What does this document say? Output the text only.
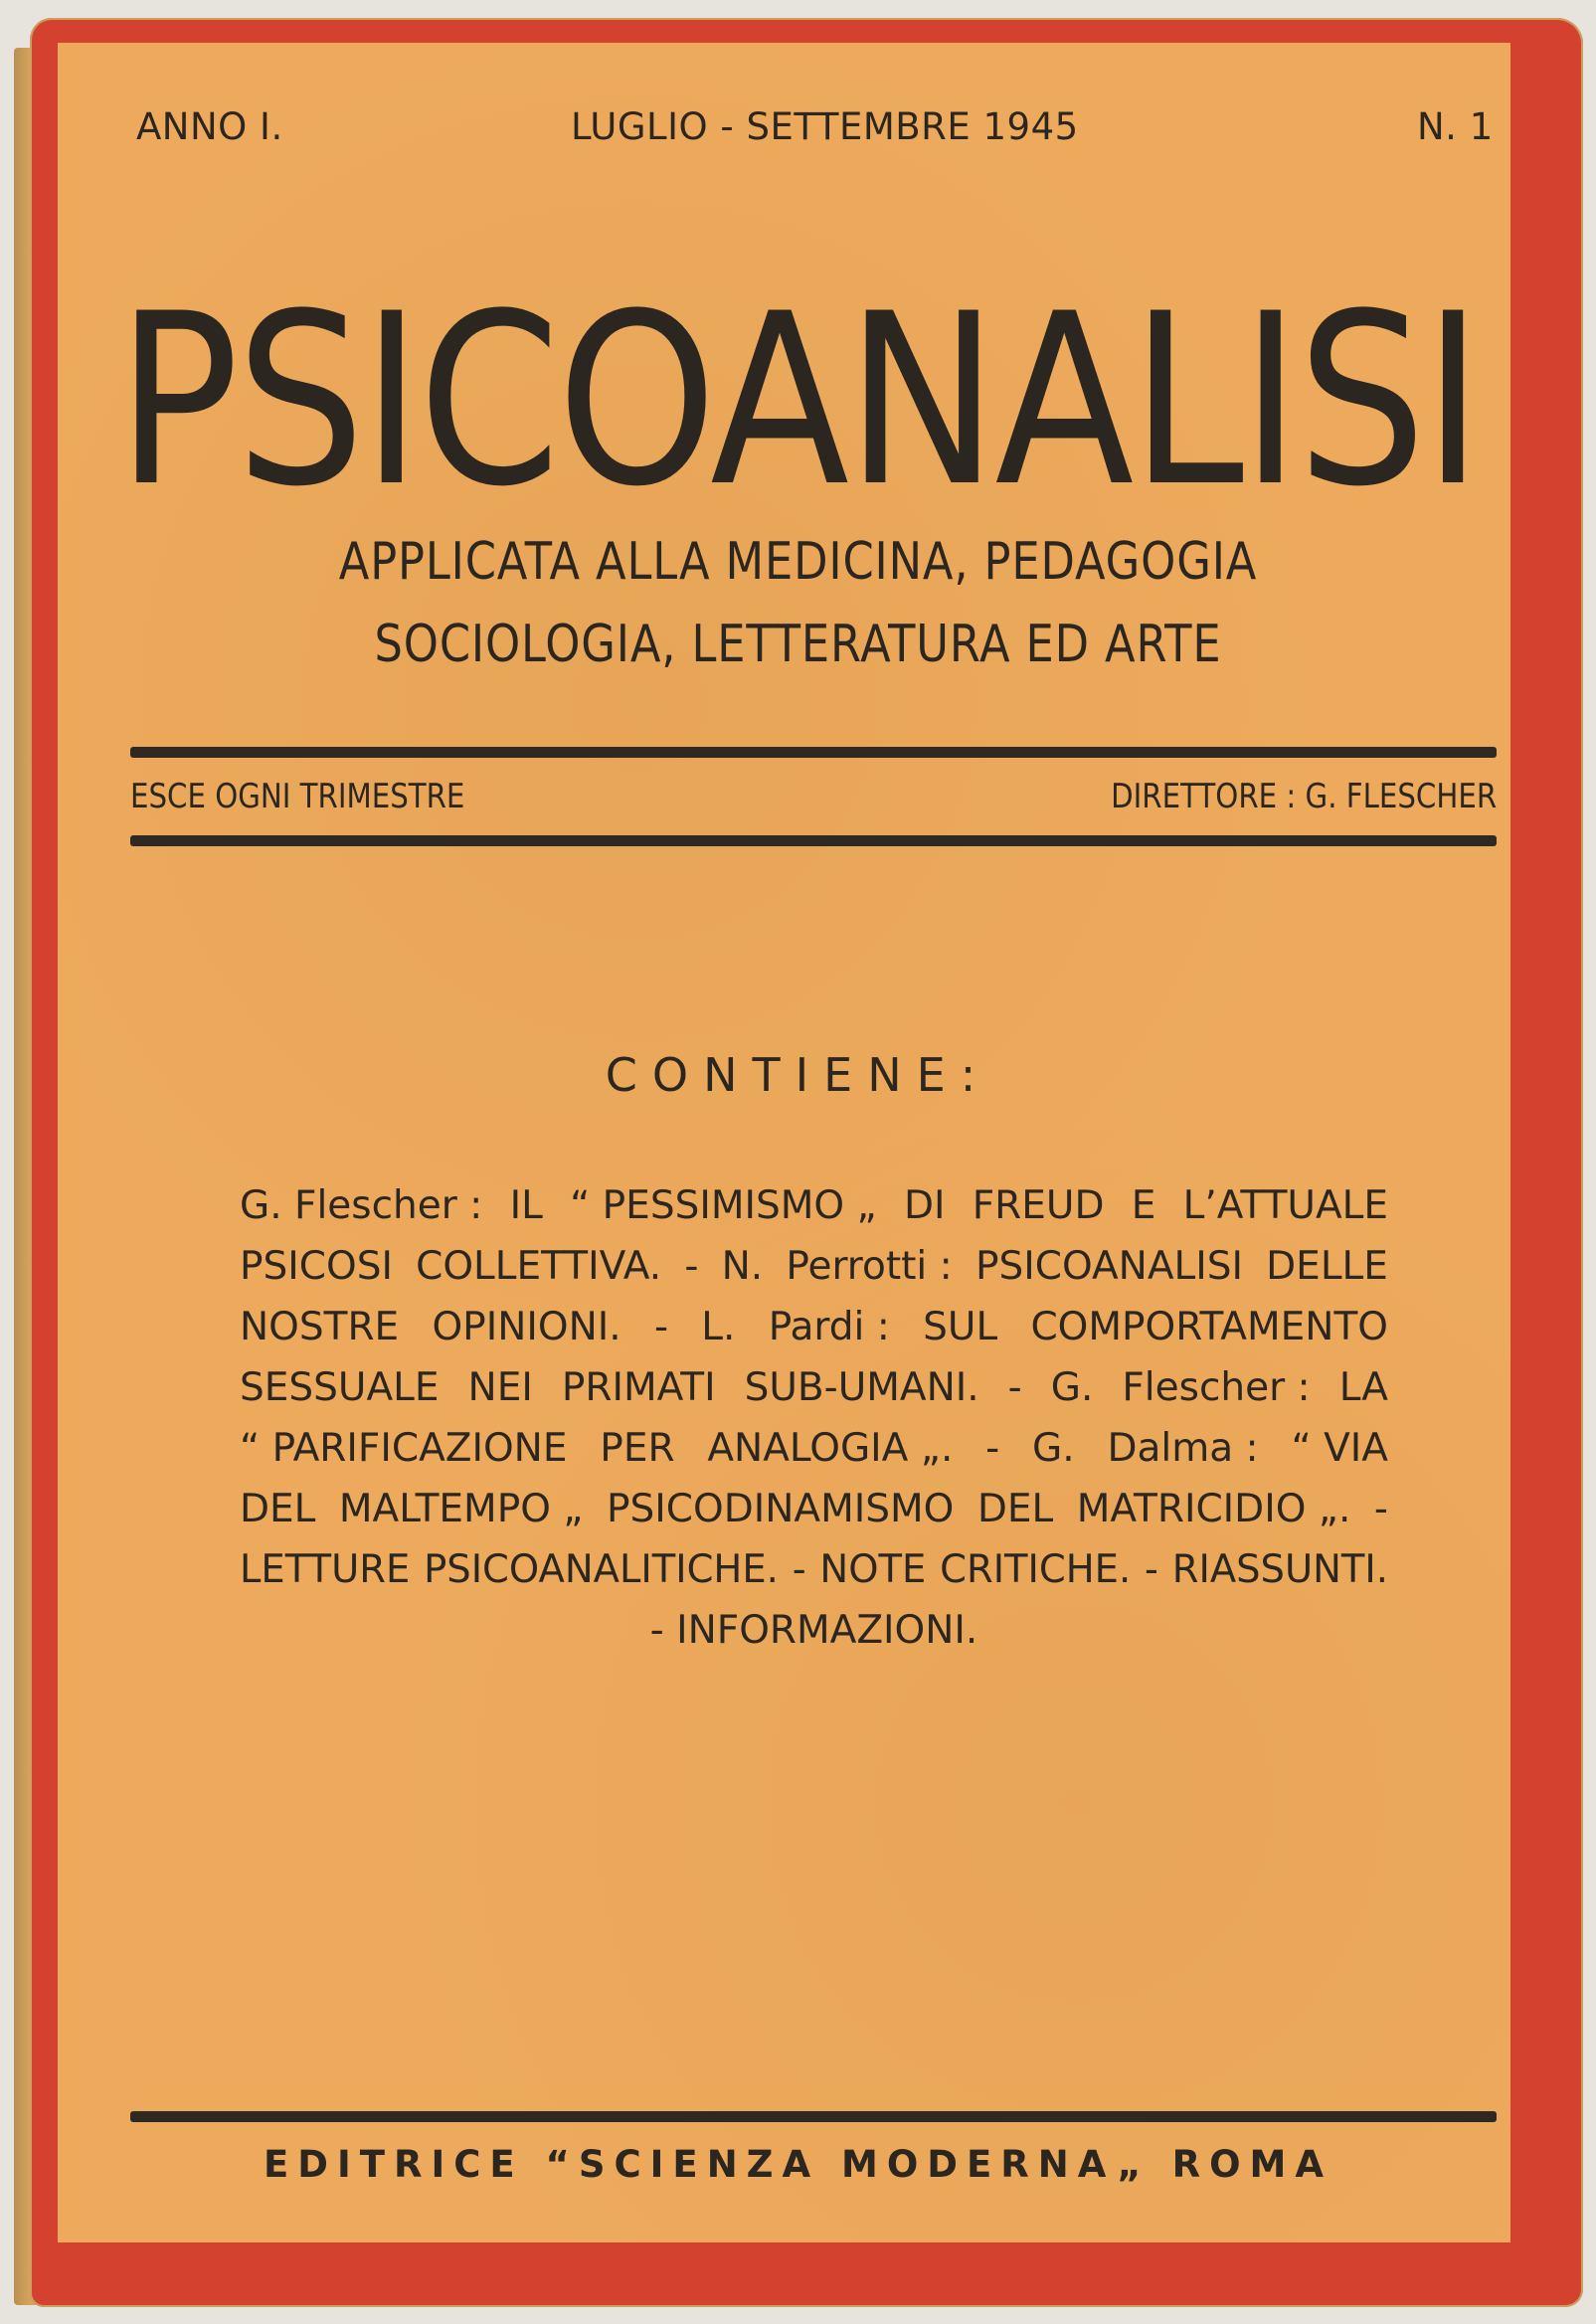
ANNO I.	LUGLIO - SETTEMBRE 1945	N. 1
PSICOANALISI
APPLICATA ALLA MEDICINA, PEDAGOGIA
SOCIOLOGIA, LETTERATURA ED ARTE
ESCE OGNI TRIMESTRE	DIRETTORE : G. FLESCHER
CONTIENE:
G. Flescher : IL “ PESSIMISMO „ DI FREUD E L’ATTUALE
PSICOSI COLLETTIVA. - N. Perrotti : PSICOANALISI DELLE
NOSTRE OPINIONI. - L. Pardi : SUL COMPORTAMENTO
SESSUALE NEI PRIMATI SUB-UMANI. - G. Flescher : LA
“ PARIFICAZIONE PER ANALOGIA „. - G. Dalma : “ VIA
DEL MALTEMPO „ PSICODINAMISMO DEL MATRICIDIO „. -
LETTURE PSICOANALITICHE. - NOTE CRITICHE. - RIASSUNTI.
- INFORMAZIONI.
EDITRICE “SCIENZA MODERNA„ ROMA
